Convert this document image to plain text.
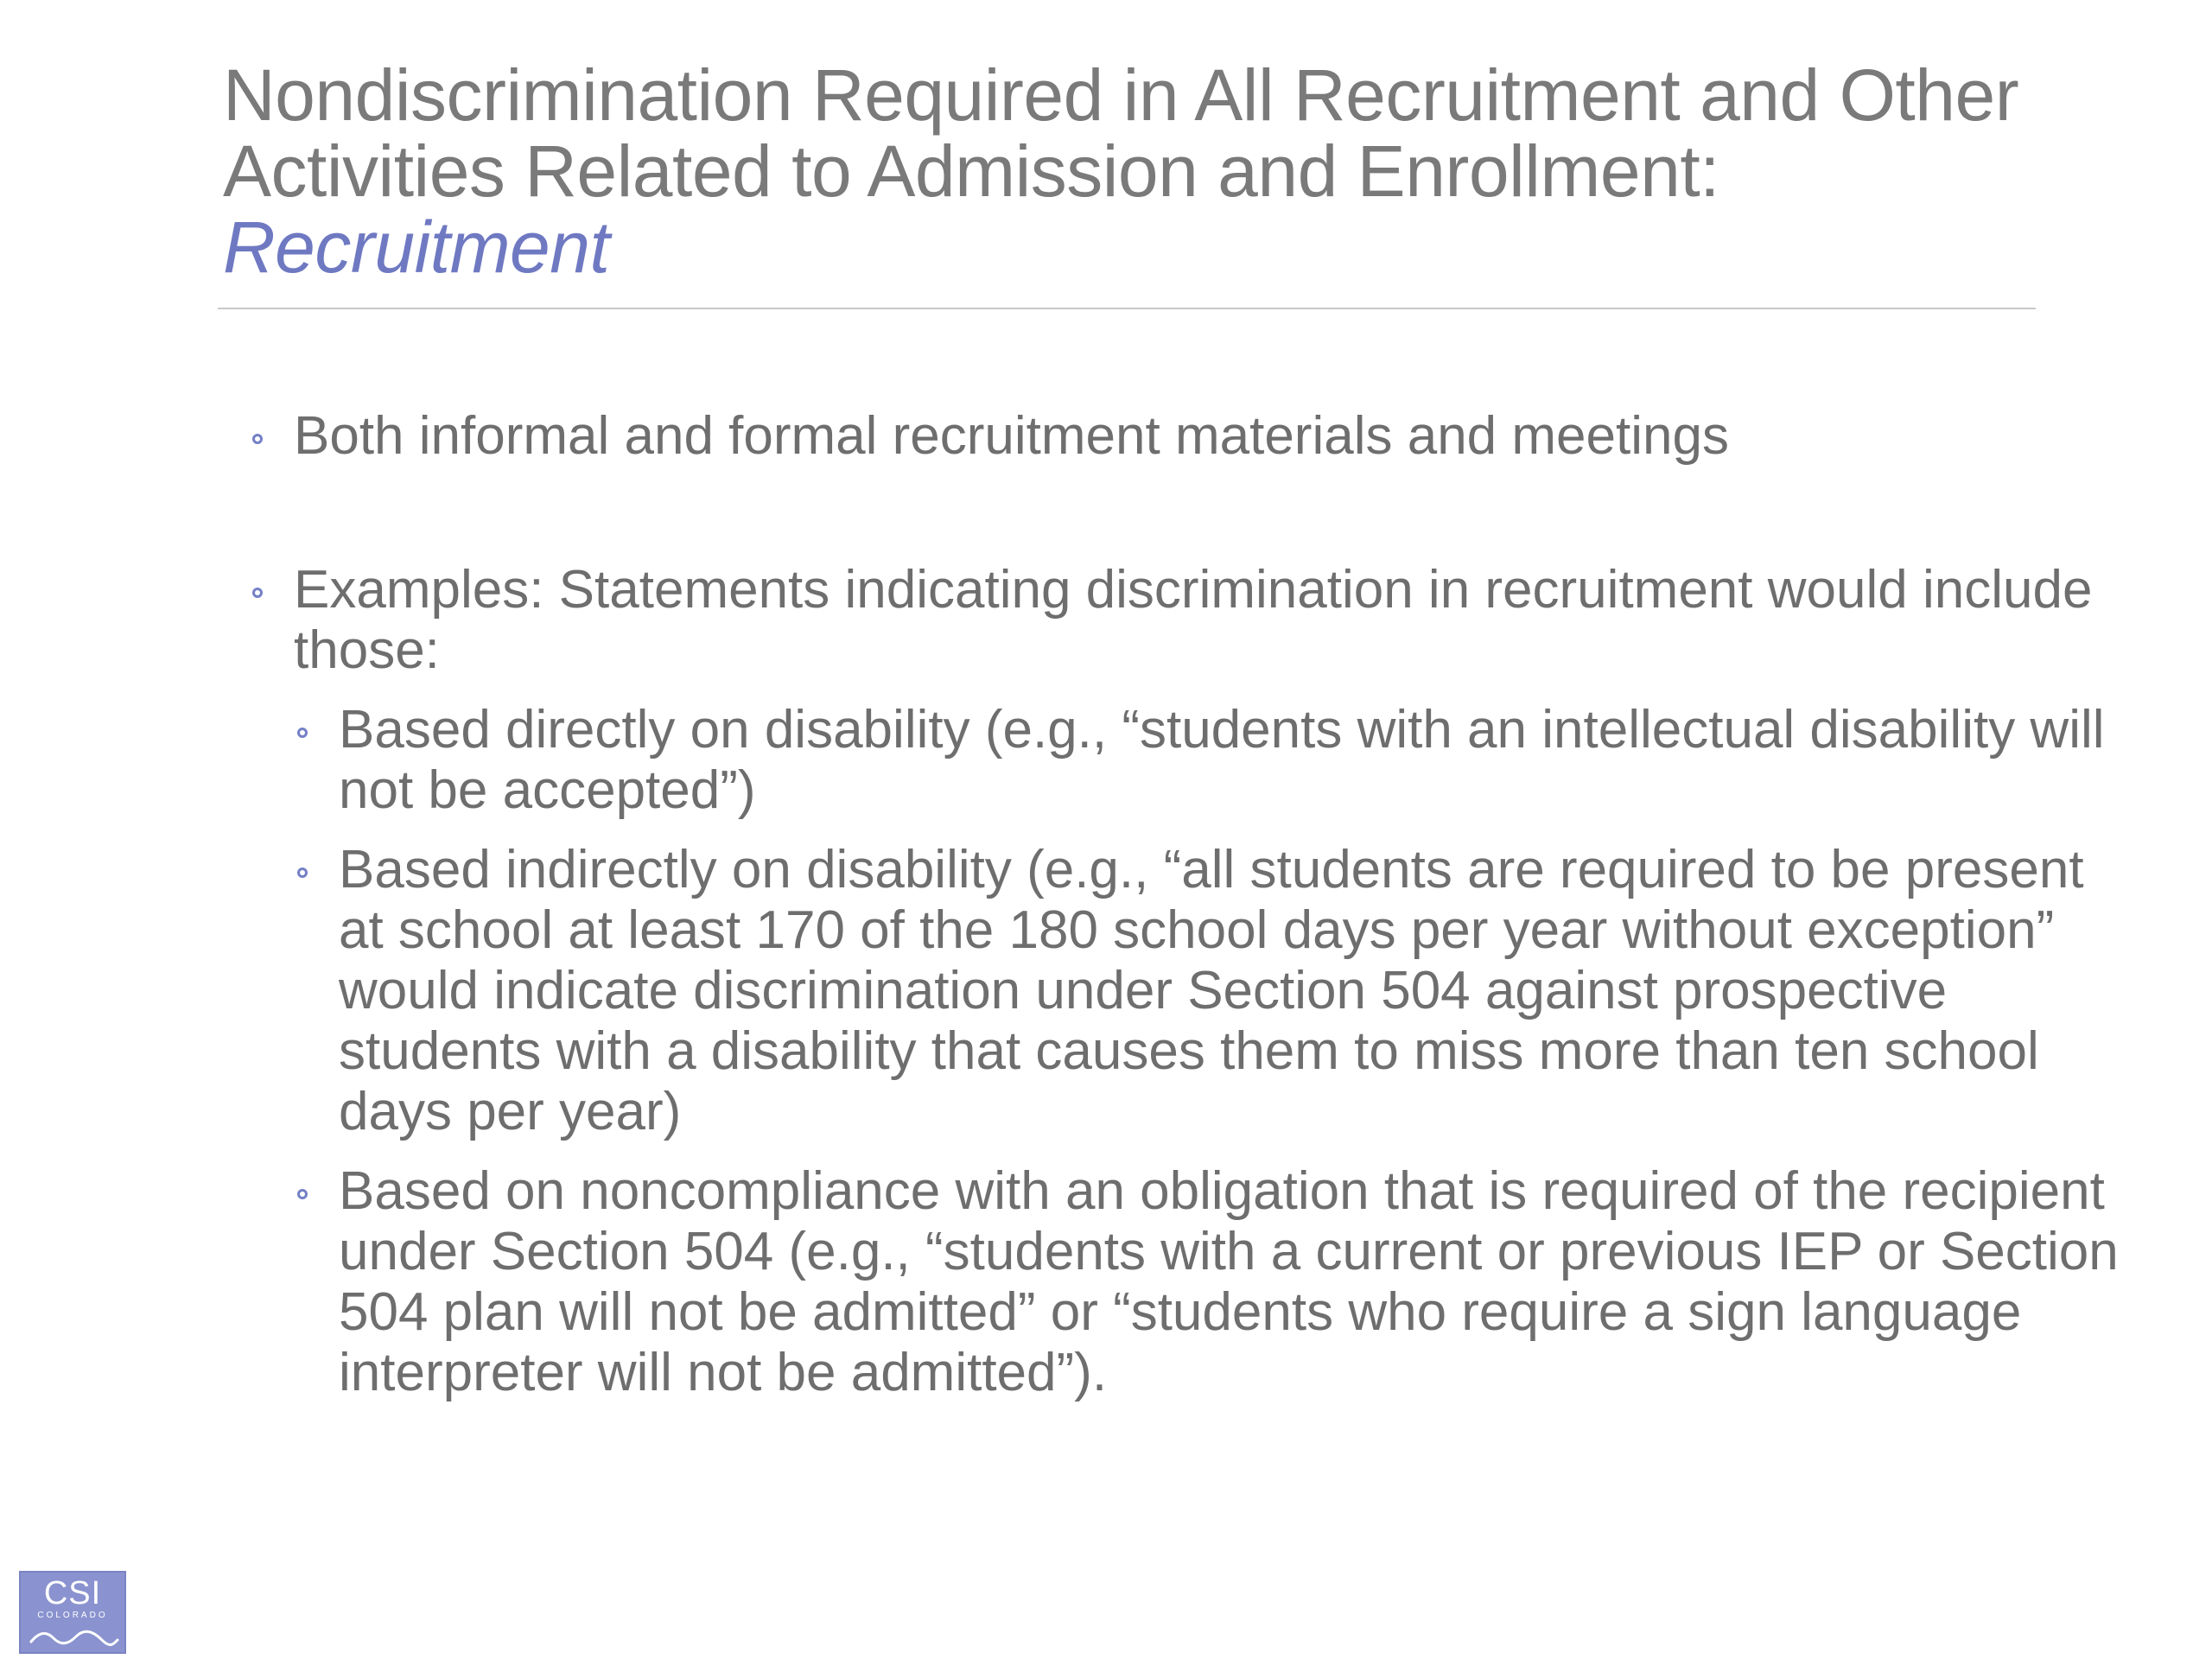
Nondiscrimination Required in All Recruitment and Other
Activities Related to Admission and Enrollment:
Recruitment
Both informal and formal recruitment materials and meetings
Examples: Statements indicating discrimination in recruitment would include those:
Based directly on disability (e.g., “students with an intellectual disability will not be accepted”)
Based indirectly on disability (e.g., “all students are required to be present at school at least 170 of the 180 school days per year without exception” would indicate discrimination under Section 504 against prospective students with a disability that causes them to miss more than ten school days per year)
Based on noncompliance with an obligation that is required of the recipient under Section 504 (e.g., “students with a current or previous IEP or Section 504 plan will not be admitted” or “students who require a sign language interpreter will not be admitted”).
CSI
COLORADO
